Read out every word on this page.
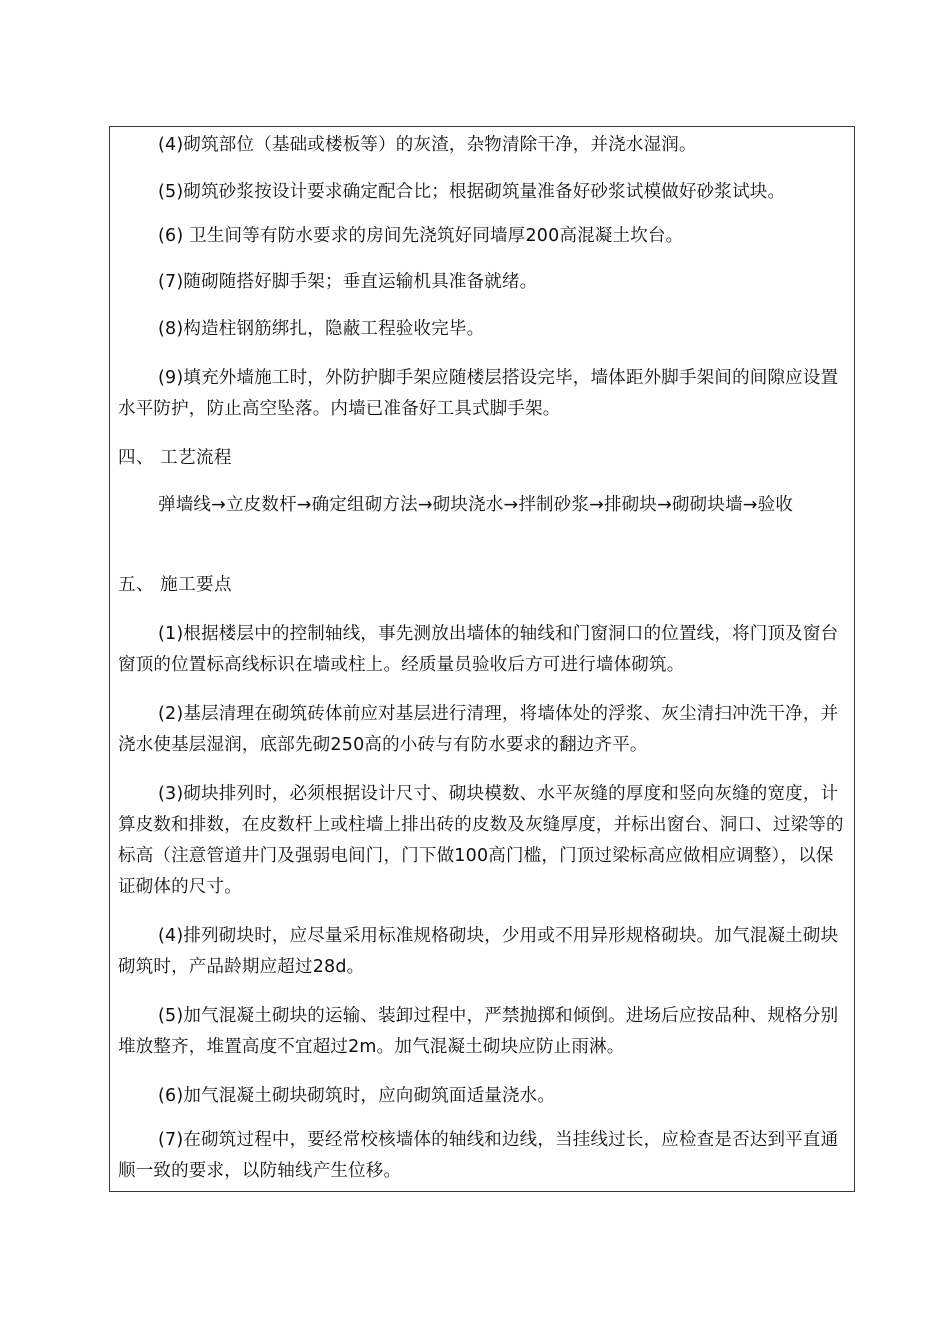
(4)砌筑部位（基础或楼板等）的灰渣，杂物清除干净，并浇水湿润。

(5)砌筑砂浆按设计要求确定配合比；根据砌筑量准备好砂浆试模做好砂浆试块。

(6) 卫生间等有防水要求的房间先浇筑好同墙厚200高混凝土坎台。

(7)随砌随搭好脚手架；垂直运输机具准备就绪。

(8)构造柱钢筋绑扎，隐蔽工程验收完毕。

(9)填充外墙施工时，外防护脚手架应随楼层搭设完毕，墙体距外脚手架间的间隙应设置水平防护，防止高空坠落。内墙已准备好工具式脚手架。

四、 工艺流程

弹墙线→立皮数杆→确定组砌方法→砌块浇水→拌制砂浆→排砌块→砌砌块墙→验收

五、 施工要点

(1)根据楼层中的控制轴线，事先测放出墙体的轴线和门窗洞口的位置线，将门顶及窗台窗顶的位置标高线标识在墙或柱上。经质量员验收后方可进行墙体砌筑。

(2)基层清理在砌筑砖体前应对基层进行清理，将墙体处的浮浆、灰尘清扫冲洗干净，并浇水使基层湿润，底部先砌250高的小砖与有防水要求的翻边齐平。

(3)砌块排列时，必须根据设计尺寸、砌块模数、水平灰缝的厚度和竖向灰缝的宽度，计算皮数和排数，在皮数杆上或柱墙上排出砖的皮数及灰缝厚度，并标出窗台、洞口、过梁等的标高（注意管道井门及强弱电间门，门下做100高门槛，门顶过梁标高应做相应调整），以保证砌体的尺寸。

(4)排列砌块时，应尽量采用标准规格砌块，少用或不用异形规格砌块。加气混凝土砌块砌筑时，产品龄期应超过28d。

(5)加气混凝土砌块的运输、装卸过程中，严禁抛掷和倾倒。进场后应按品种、规格分别堆放整齐，堆置高度不宜超过2m。加气混凝土砌块应防止雨淋。

(6)加气混凝土砌块砌筑时，应向砌筑面适量浇水。

(7)在砌筑过程中，要经常校核墙体的轴线和边线，当挂线过长，应检查是否达到平直通顺一致的要求，以防轴线产生位移。
